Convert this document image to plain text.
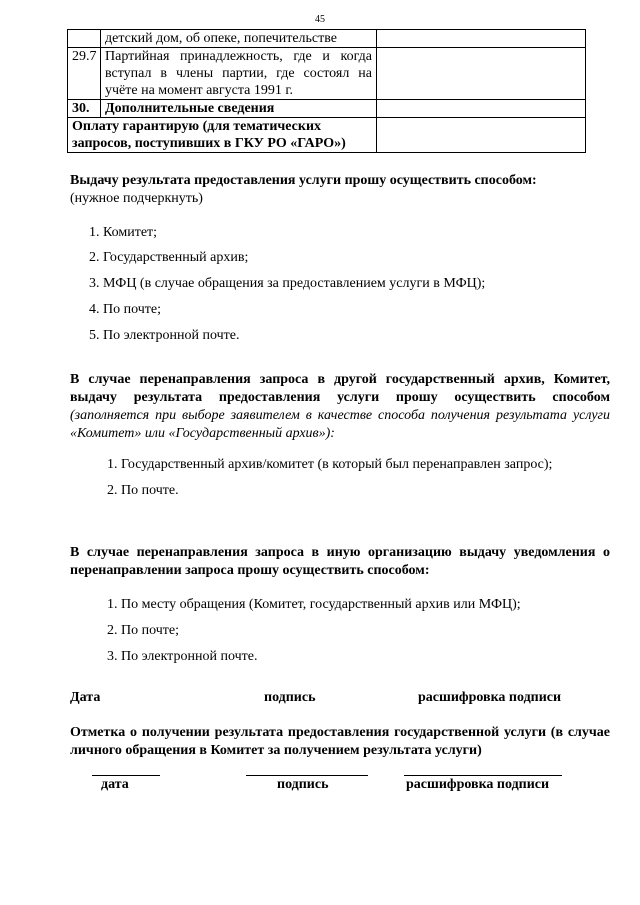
45
	детский дом, об опеке, попечительстве	
29.7	Партийная принадлежность, где и когда вступал в члены партии, где состоял на учёте на момент августа 1991 г.	
30.	Дополнительные сведения	
Оплату гарантирую (для тематических запросов, поступивших в ГКУ РО «ГАРО»)		
Выдачу результата предоставления услуги прошу осуществить способом:
(нужное подчеркнуть)
1. Комитет;
2. Государственный архив;
3. МФЦ (в случае обращения за предоставлением услуги в МФЦ);
4. По почте;
5. По электронной почте.
В случае перенаправления запроса в другой государственный архив, Комитет, выдачу результата предоставления услуги прошу осуществить способом (заполняется при выборе заявителем в качестве способа получения результата услуги «Комитет» или «Государственный архив»):
1. Государственный архив/комитет (в который был перенаправлен запрос);
2. По почте.
В случае перенаправления запроса в иную организацию выдачу уведомления о перенаправлении запроса прошу осуществить способом:
1. По месту обращения (Комитет, государственный архив или МФЦ);
2. По почте;
3. По электронной почте.
Дата	подпись	расшифровка подписи
Отметка о получении результата предоставления государственной услуги (в случае личного обращения в Комитет за получением результата услуги)
дата	подпись	расшифровка подписи
